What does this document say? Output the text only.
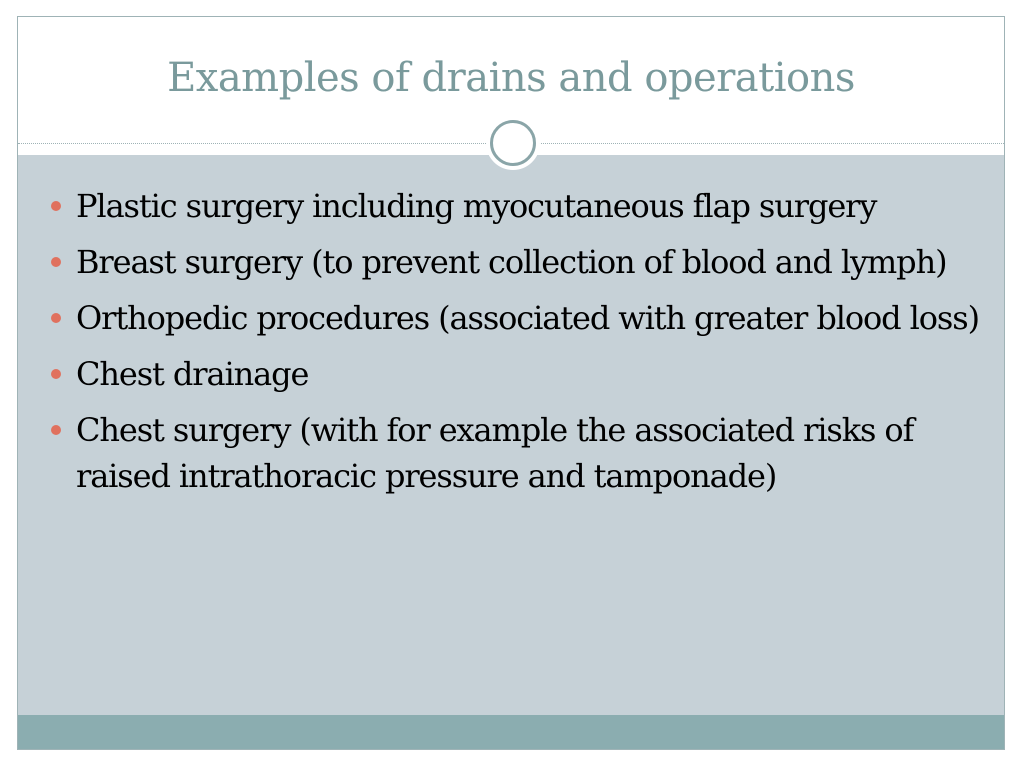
Examples of drains and operations
Plastic surgery including myocutaneous flap surgery
Breast surgery (to prevent collection of blood and lymph)
Orthopedic procedures (associated with greater blood loss)
Chest drainage
Chest surgery (with for example the associated risks of raised intrathoracic pressure and tamponade)
